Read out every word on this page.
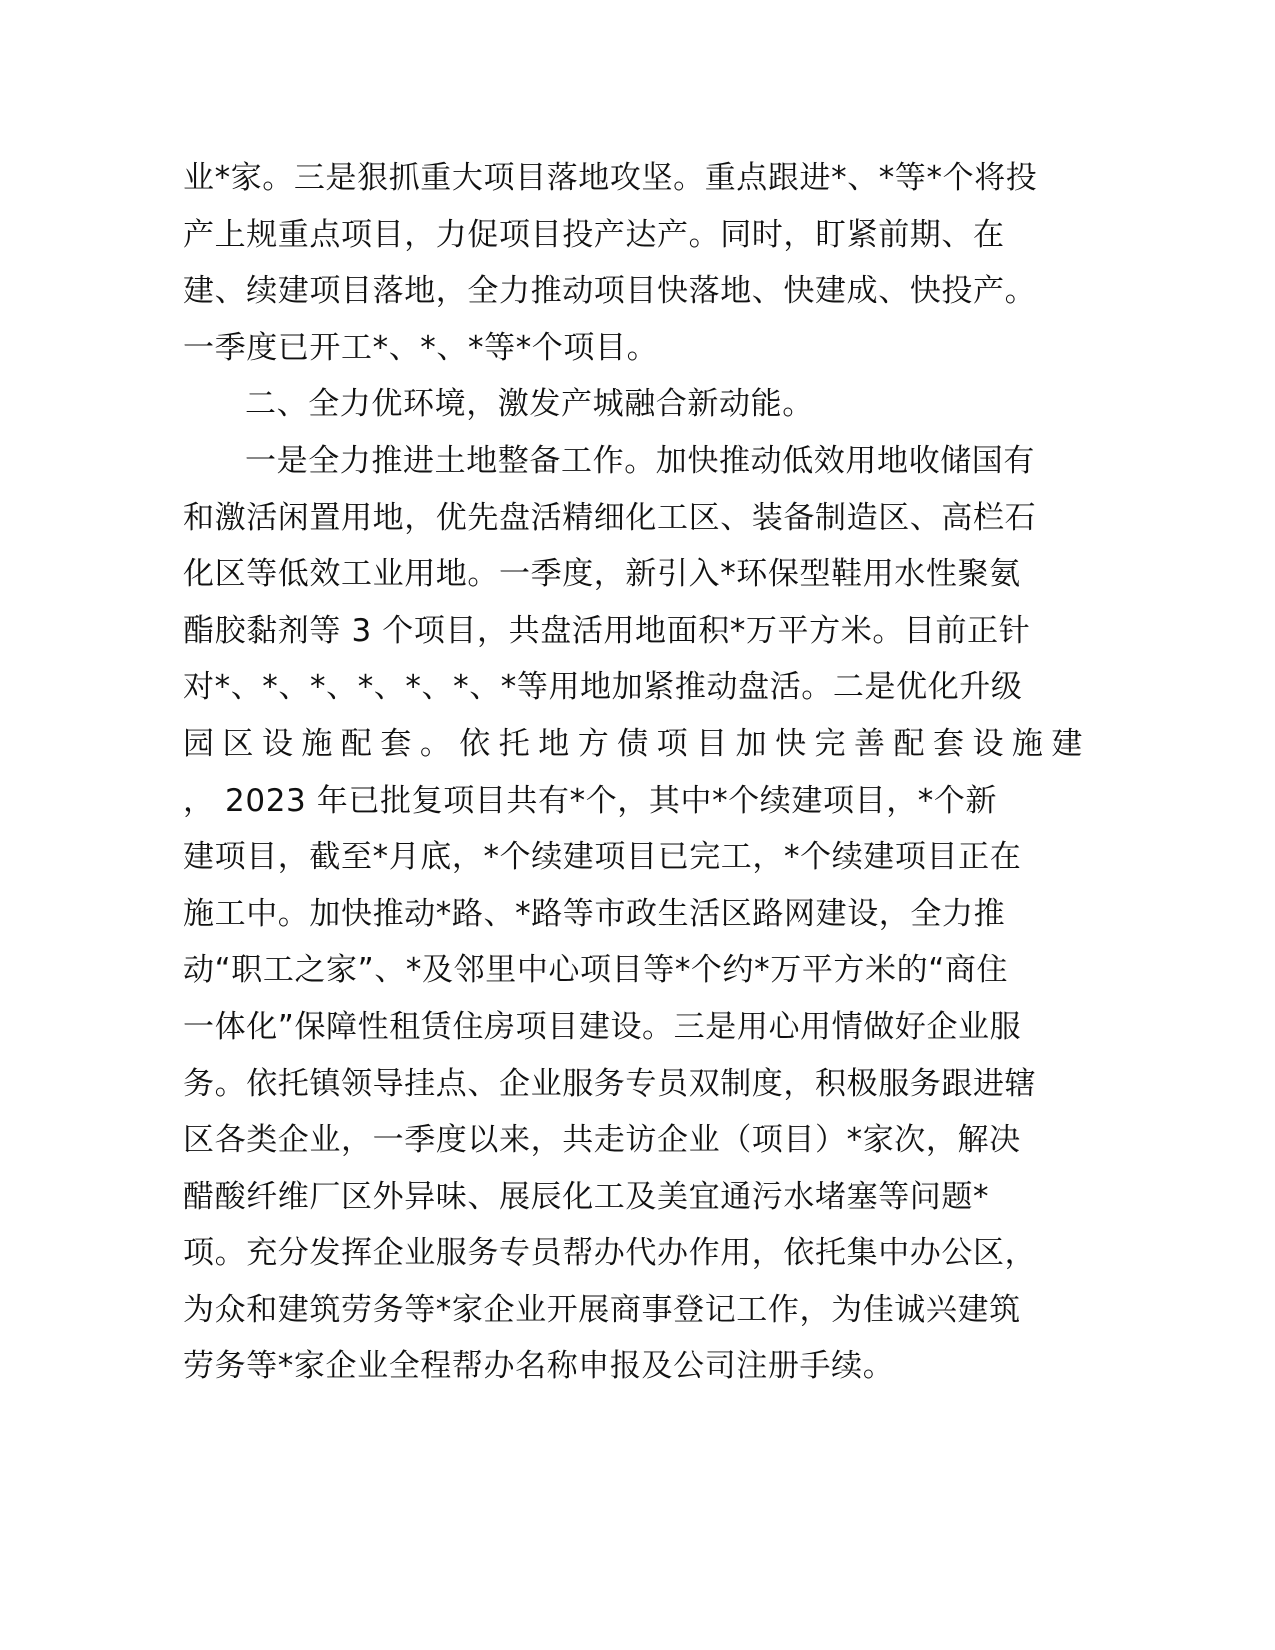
业*家。三是狠抓重大项目落地攻坚。重点跟进*、*等*个将投
产上规重点项目，力促项目投产达产。同时，盯紧前期、在
建、续建项目落地，全力推动项目快落地、快建成、快投产。
一季度已开工*、*、*等*个项目。
二、全力优环境，激发产城融合新动能。
一是全力推进土地整备工作。加快推动低效用地收储国有
和激活闲置用地，优先盘活精细化工区、装备制造区、高栏石
化区等低效工业用地。一季度，新引入*环保型鞋用水性聚氨
酯胶黏剂等 3 个项目，共盘活用地面积*万平方米。目前正针
对*、*、*、*、*、*、*等用地加紧推动盘活。二是优化升级
园区设施配套。依托地方债项目加快完善配套设施建
， 2023 年已批复项目共有*个，其中*个续建项目，*个新
建项目，截至*月底，*个续建项目已完工，*个续建项目正在
施工中。加快推动*路、*路等市政生活区路网建设，全力推
动“职工之家”、*及邻里中心项目等*个约*万平方米的“商住
一体化”保障性租赁住房项目建设。三是用心用情做好企业服
务。依托镇领导挂点、企业服务专员双制度，积极服务跟进辖
区各类企业，一季度以来，共走访企业（项目）*家次，解决
醋酸纤维厂区外异味、展辰化工及美宜通污水堵塞等问题*
项。充分发挥企业服务专员帮办代办作用，依托集中办公区，
为众和建筑劳务等*家企业开展商事登记工作，为佳诚兴建筑
劳务等*家企业全程帮办名称申报及公司注册手续。
